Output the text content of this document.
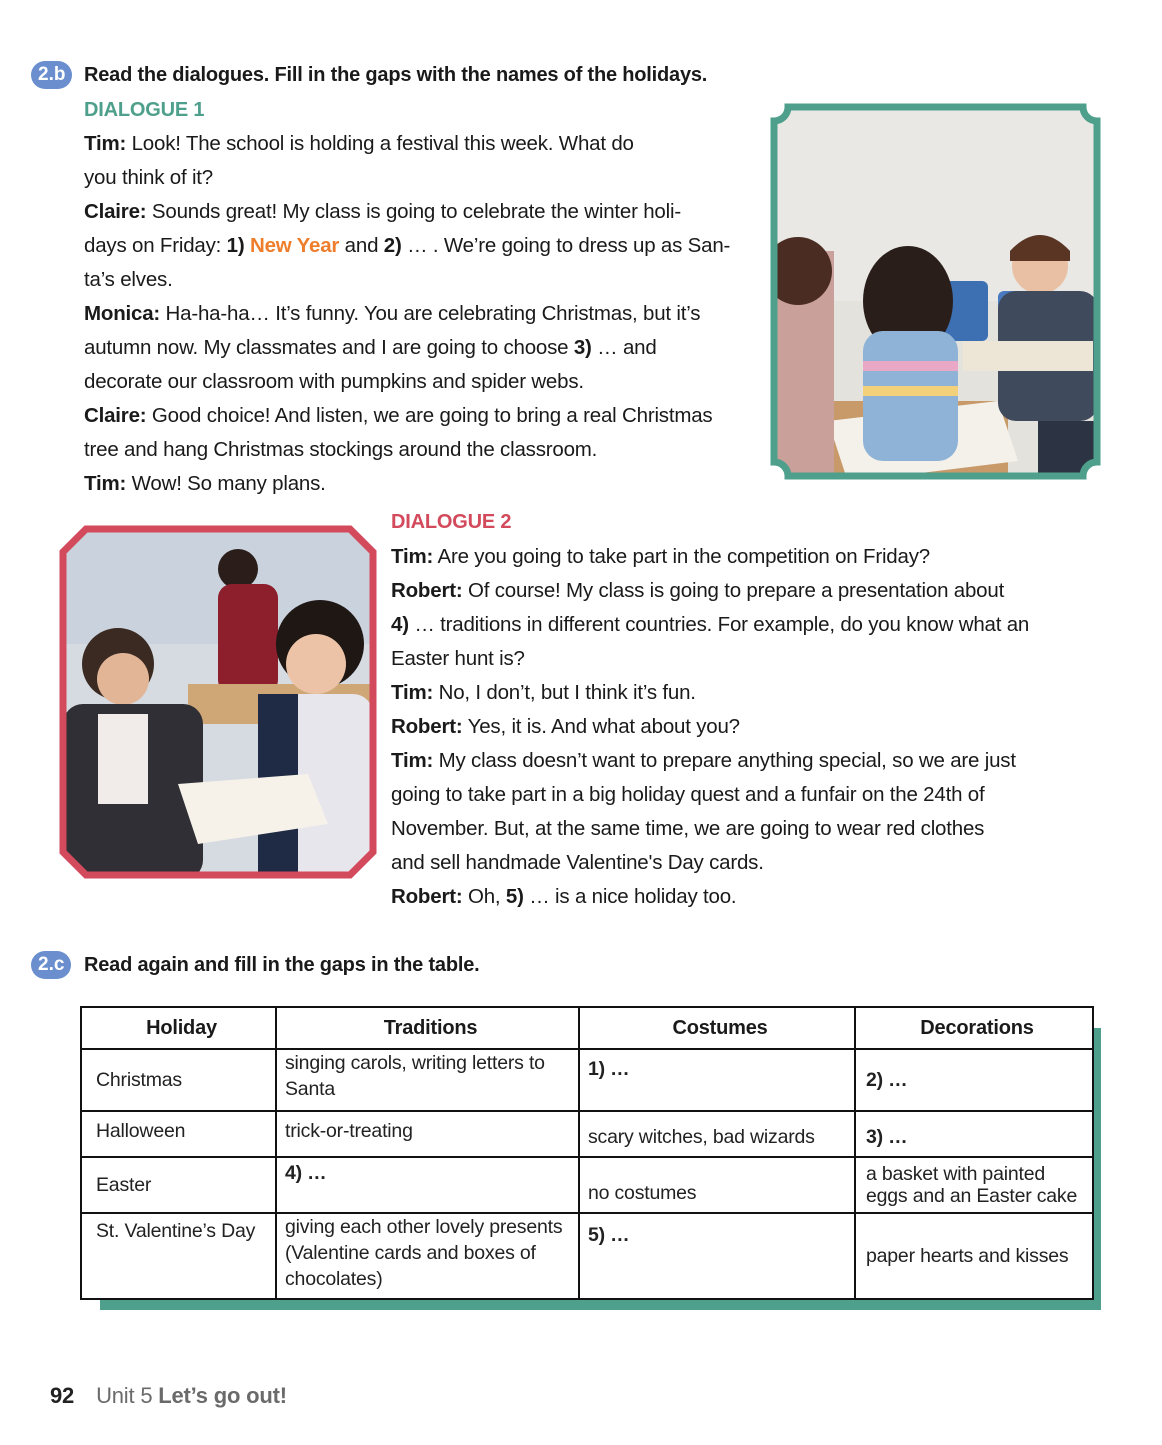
2.b Read the dialogues. Fill in the gaps with the names of the holidays.
DIALOGUE 1
Tim: Look! The school is holding a festival this week. What do
you think of it?
Claire: Sounds great! My class is going to celebrate the winter holi-
days on Friday: 1) New Year and 2) … . We’re going to dress up as San-
ta’s elves.
Monica: Ha-ha-ha… It’s funny. You are celebrating Christmas, but it’s
autumn now. My classmates and I are going to choose 3) … and
decorate our classroom with pumpkins and spider webs.
Claire: Good choice! And listen, we are going to bring a real Christmas
tree and hang Christmas stockings around the classroom.
Tim: Wow! So many plans.
DIALOGUE 2
Tim: Are you going to take part in the competition on Friday?
Robert: Of course! My class is going to prepare a presentation about
4) … traditions in different countries. For example, do you know what an
Easter hunt is?
Tim: No, I don’t, but I think it’s fun.
Robert: Yes, it is. And what about you?
Tim: My class doesn’t want to prepare anything special, so we are just
going to take part in a big holiday quest and a funfair on the 24th of
November. But, at the same time, we are going to wear red clothes
and sell handmade Valentine's Day cards.
Robert: Oh, 5) … is a nice holiday too.
2.c Read again and fill in the gaps in the table.
Holiday	Traditions	Costumes	Decorations
Christmas	singing carols, writing letters to Santa	1) …	2) …
Halloween	trick-or-treating	scary witches, bad wizards	3) …
Easter	4) …	no costumes	a basket with painted eggs and an Easter cake
St. Valentine’s Day	giving each other lovely presents (Valentine cards and boxes of chocolates)	5) …	paper hearts and kisses
92 Unit 5 Let’s go out!
